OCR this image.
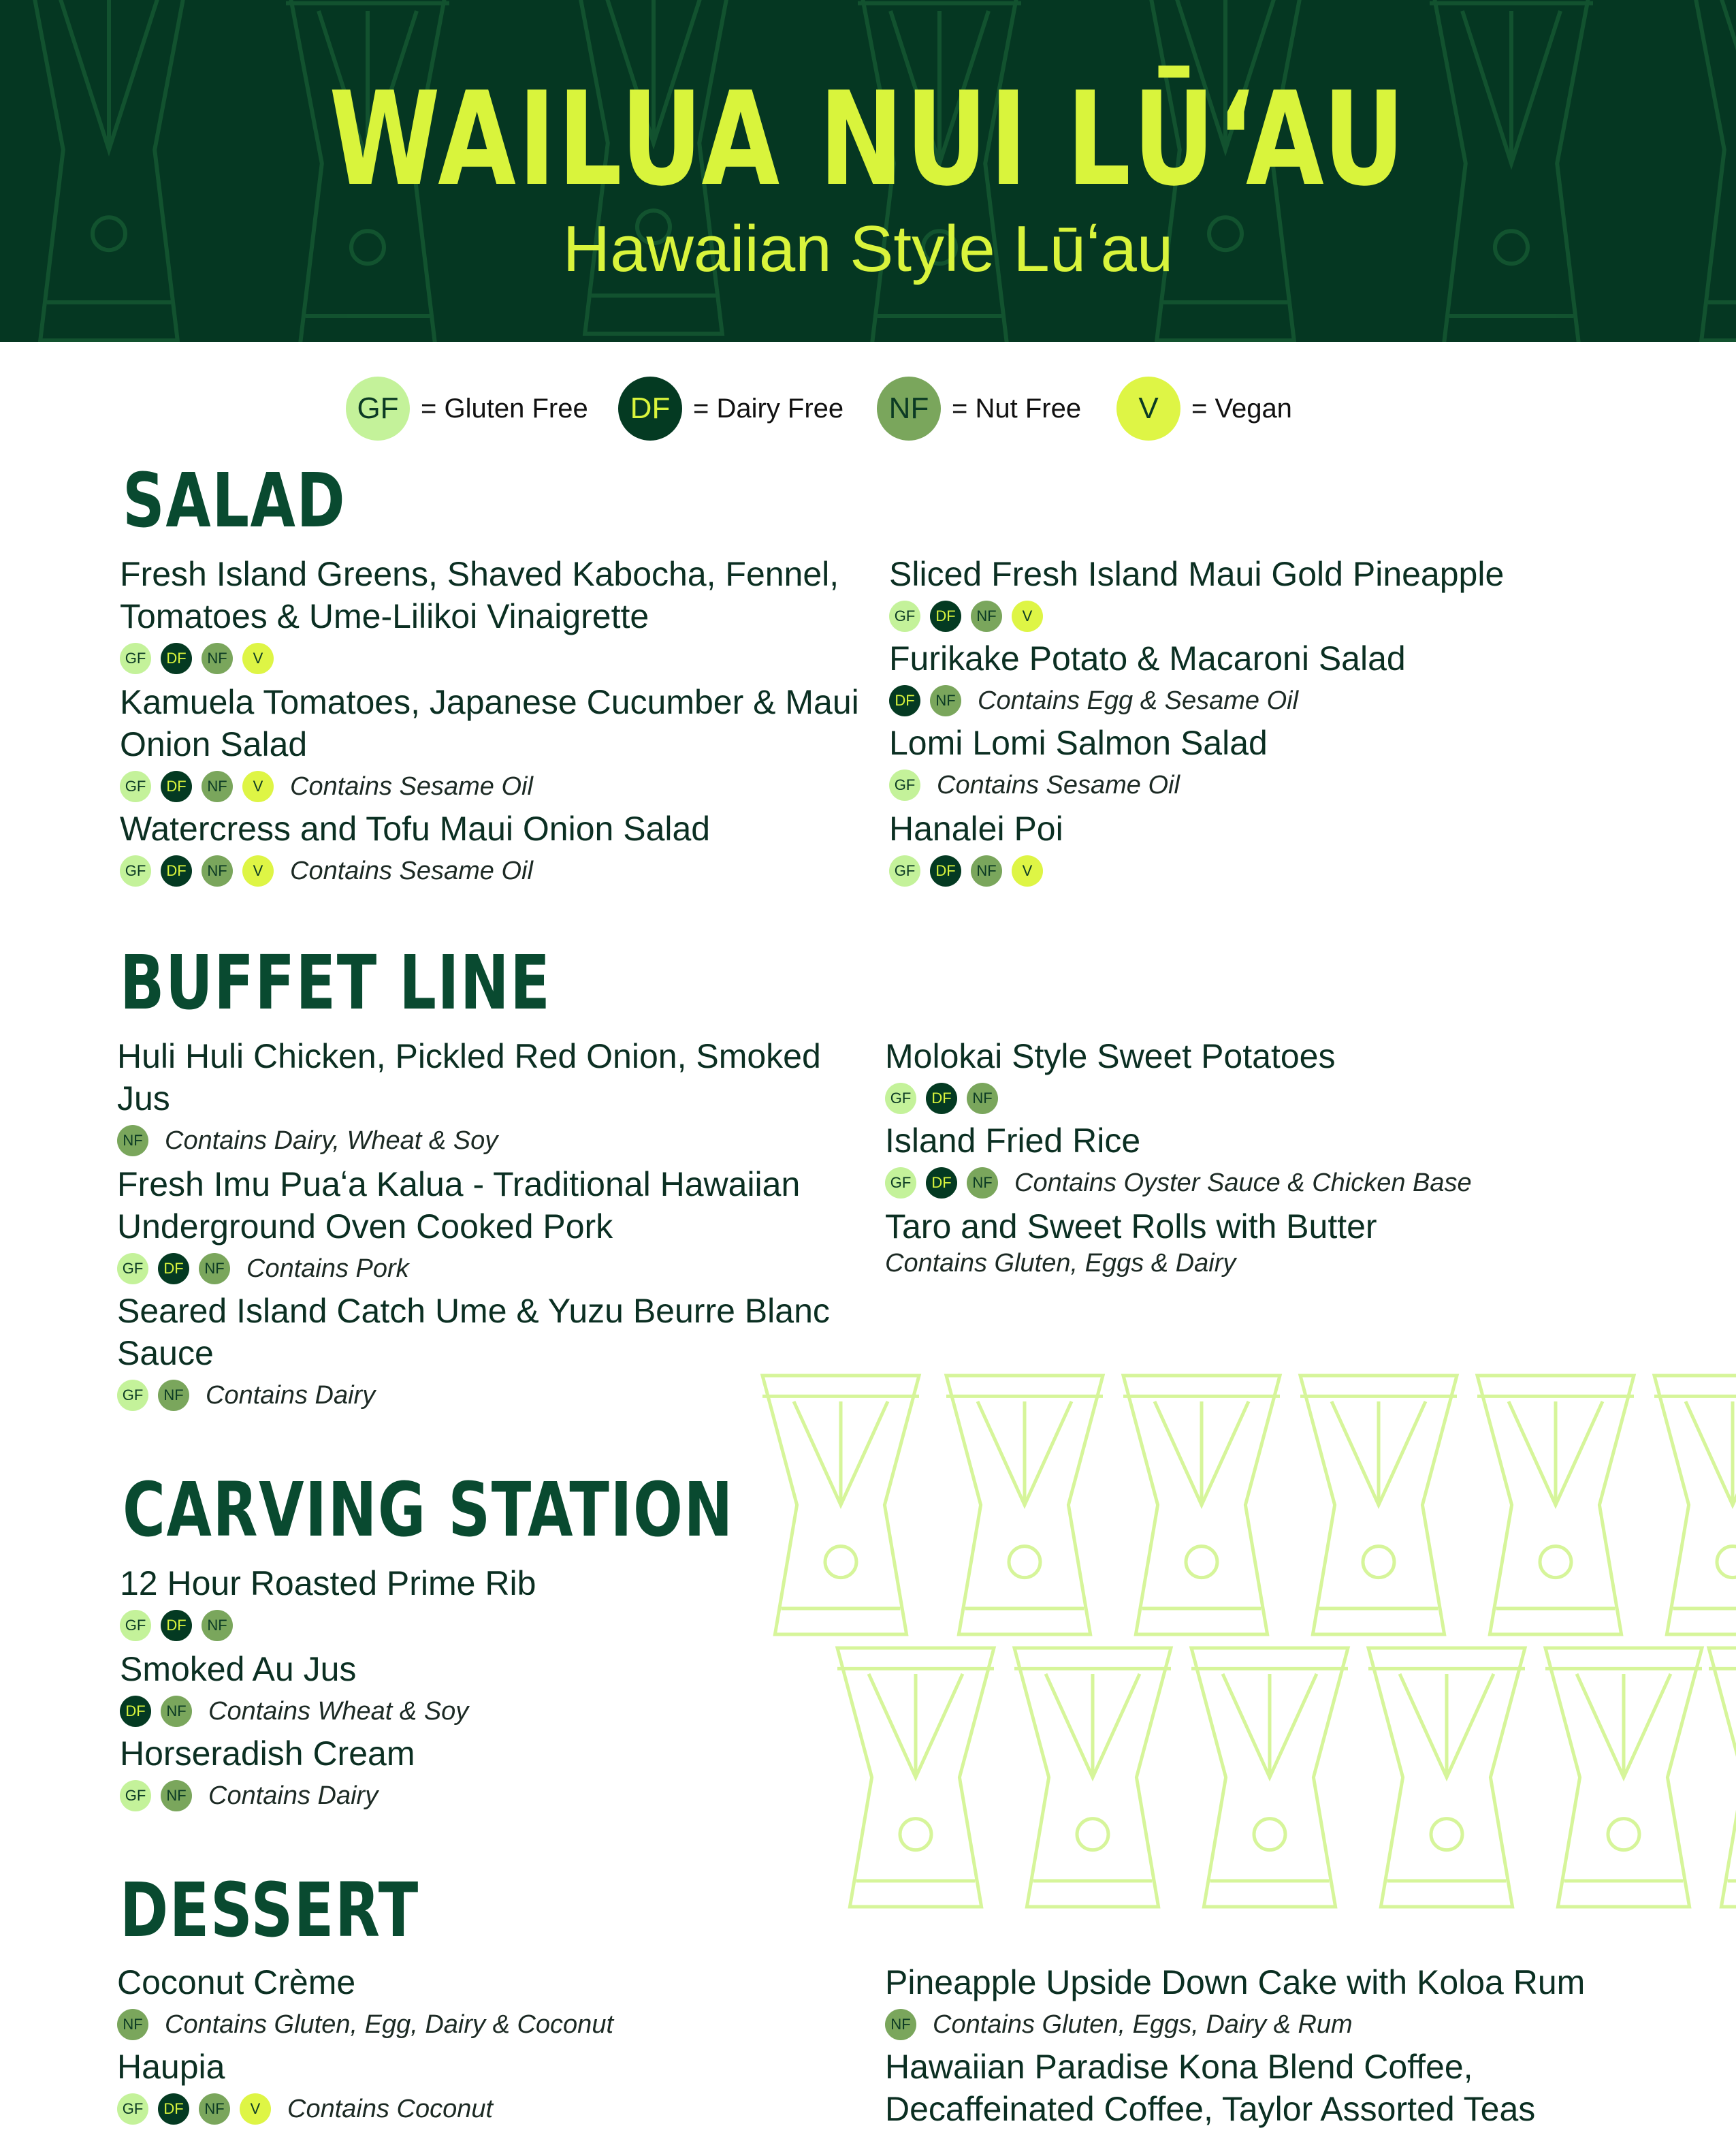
WAILUA NUI LŪʻAU
Hawaiian Style Lūʻau
GF = Gluten Free	DF = Dairy Free	NF = Nut Free	V	= Vegan
SALAD
Fresh Island Greens, Shaved Kabocha, Fennel, Tomatoes & Ume-Lilikoi Vinaigrette
GF	DF	NF	V
Kamuela Tomatoes, Japanese Cucumber & Maui Onion Salad
GF	DF	NF	V	Contains Sesame Oil
Watercress and Tofu Maui Onion Salad
GF	DF	NF	V	Contains Sesame Oil
Sliced Fresh Island Maui Gold Pineapple
GF	DF	NF	V
Furikake Potato & Macaroni Salad
DF	NF Contains Egg & Sesame Oil
Lomi Lomi Salmon Salad
GF Contains Sesame Oil
Hanalei Poi
GF	DF	NF	V
BUFFET LINE
Huli Huli Chicken, Pickled Red Onion, Smoked Jus
NF Contains Dairy, Wheat & Soy
Fresh Imu Puaʻa Kalua - Traditional Hawaiian Underground Oven Cooked Pork
GF	DF	NF Contains Pork
Seared Island Catch Ume & Yuzu Beurre Blanc Sauce
GF	NF Contains Dairy
Molokai Style Sweet Potatoes
GF	DF	NF
Island Fried Rice
GF	DF	NF Contains Oyster Sauce & Chicken Base
Taro and Sweet Rolls with Butter
Contains Gluten, Eggs & Dairy
CARVING STATION
12 Hour Roasted Prime Rib
GF	DF	NF
Smoked Au Jus
DF	NF Contains Wheat & Soy
Horseradish Cream
GF	NF Contains Dairy
DESSERT
Coconut Crème
NF Contains Gluten, Egg, Dairy & Coconut
Haupia
GF	DF	NF	V	Contains Coconut
Pineapple Upside Down Cake with Koloa Rum
NF Contains Gluten, Eggs, Dairy & Rum
Hawaiian Paradise Kona Blend Coffee, Decaffeinated Coffee, Taylor Assorted Teas
